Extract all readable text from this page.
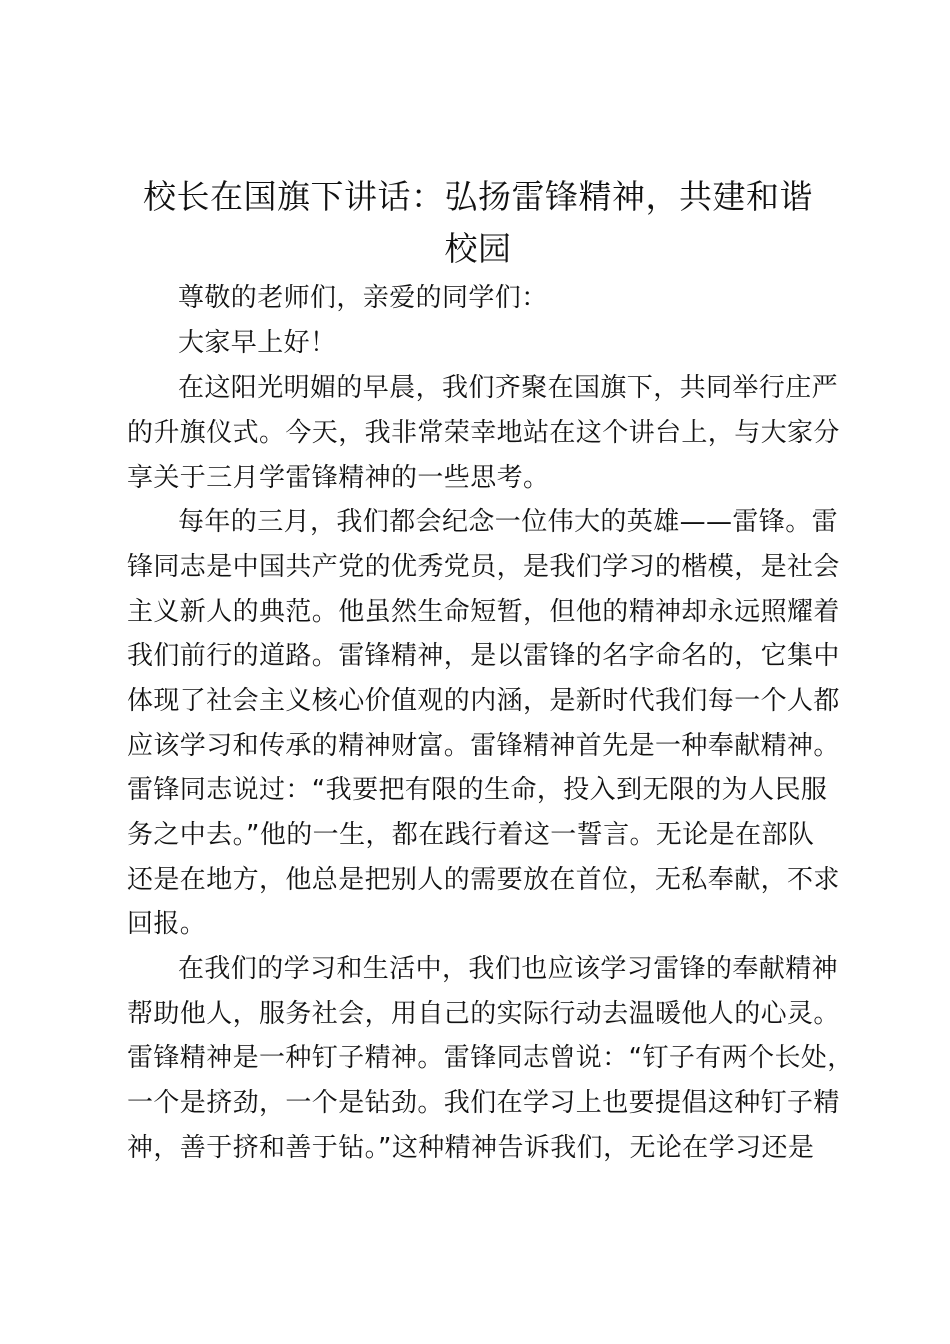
校长在国旗下讲话：弘扬雷锋精神，共建和谐
校园

尊敬的老师们，亲爱的同学们：

大家早上好！

在这阳光明媚的早晨，我们齐聚在国旗下，共同举行庄严

的升旗仪式。今天，我非常荣幸地站在这个讲台上，与大家分

享关于三月学雷锋精神的一些思考。

每年的三月，我们都会纪念一位伟大的英雄——雷锋。雷

锋同志是中国共产党的优秀党员，是我们学习的楷模，是社会

主义新人的典范。他虽然生命短暂，但他的精神却永远照耀着

我们前行的道路。雷锋精神，是以雷锋的名字命名的，它集中

体现了社会主义核心价值观的内涵，是新时代我们每一个人都

应该学习和传承的精神财富。雷锋精神首先是一种奉献精神。

雷锋同志说过：“我要把有限的生命，投入到无限的为人民服

务之中去。”他的一生，都在践行着这一誓言。无论是在部队

还是在地方，他总是把别人的需要放在首位，无私奉献，不求

回报。

在我们的学习和生活中，我们也应该学习雷锋的奉献精神

帮助他人，服务社会，用自己的实际行动去温暖他人的心灵。

雷锋精神是一种钉子精神。雷锋同志曾说：“钉子有两个长处，

一个是挤劲，一个是钻劲。我们在学习上也要提倡这种钉子精

神，善于挤和善于钻。”这种精神告诉我们，无论在学习还是
